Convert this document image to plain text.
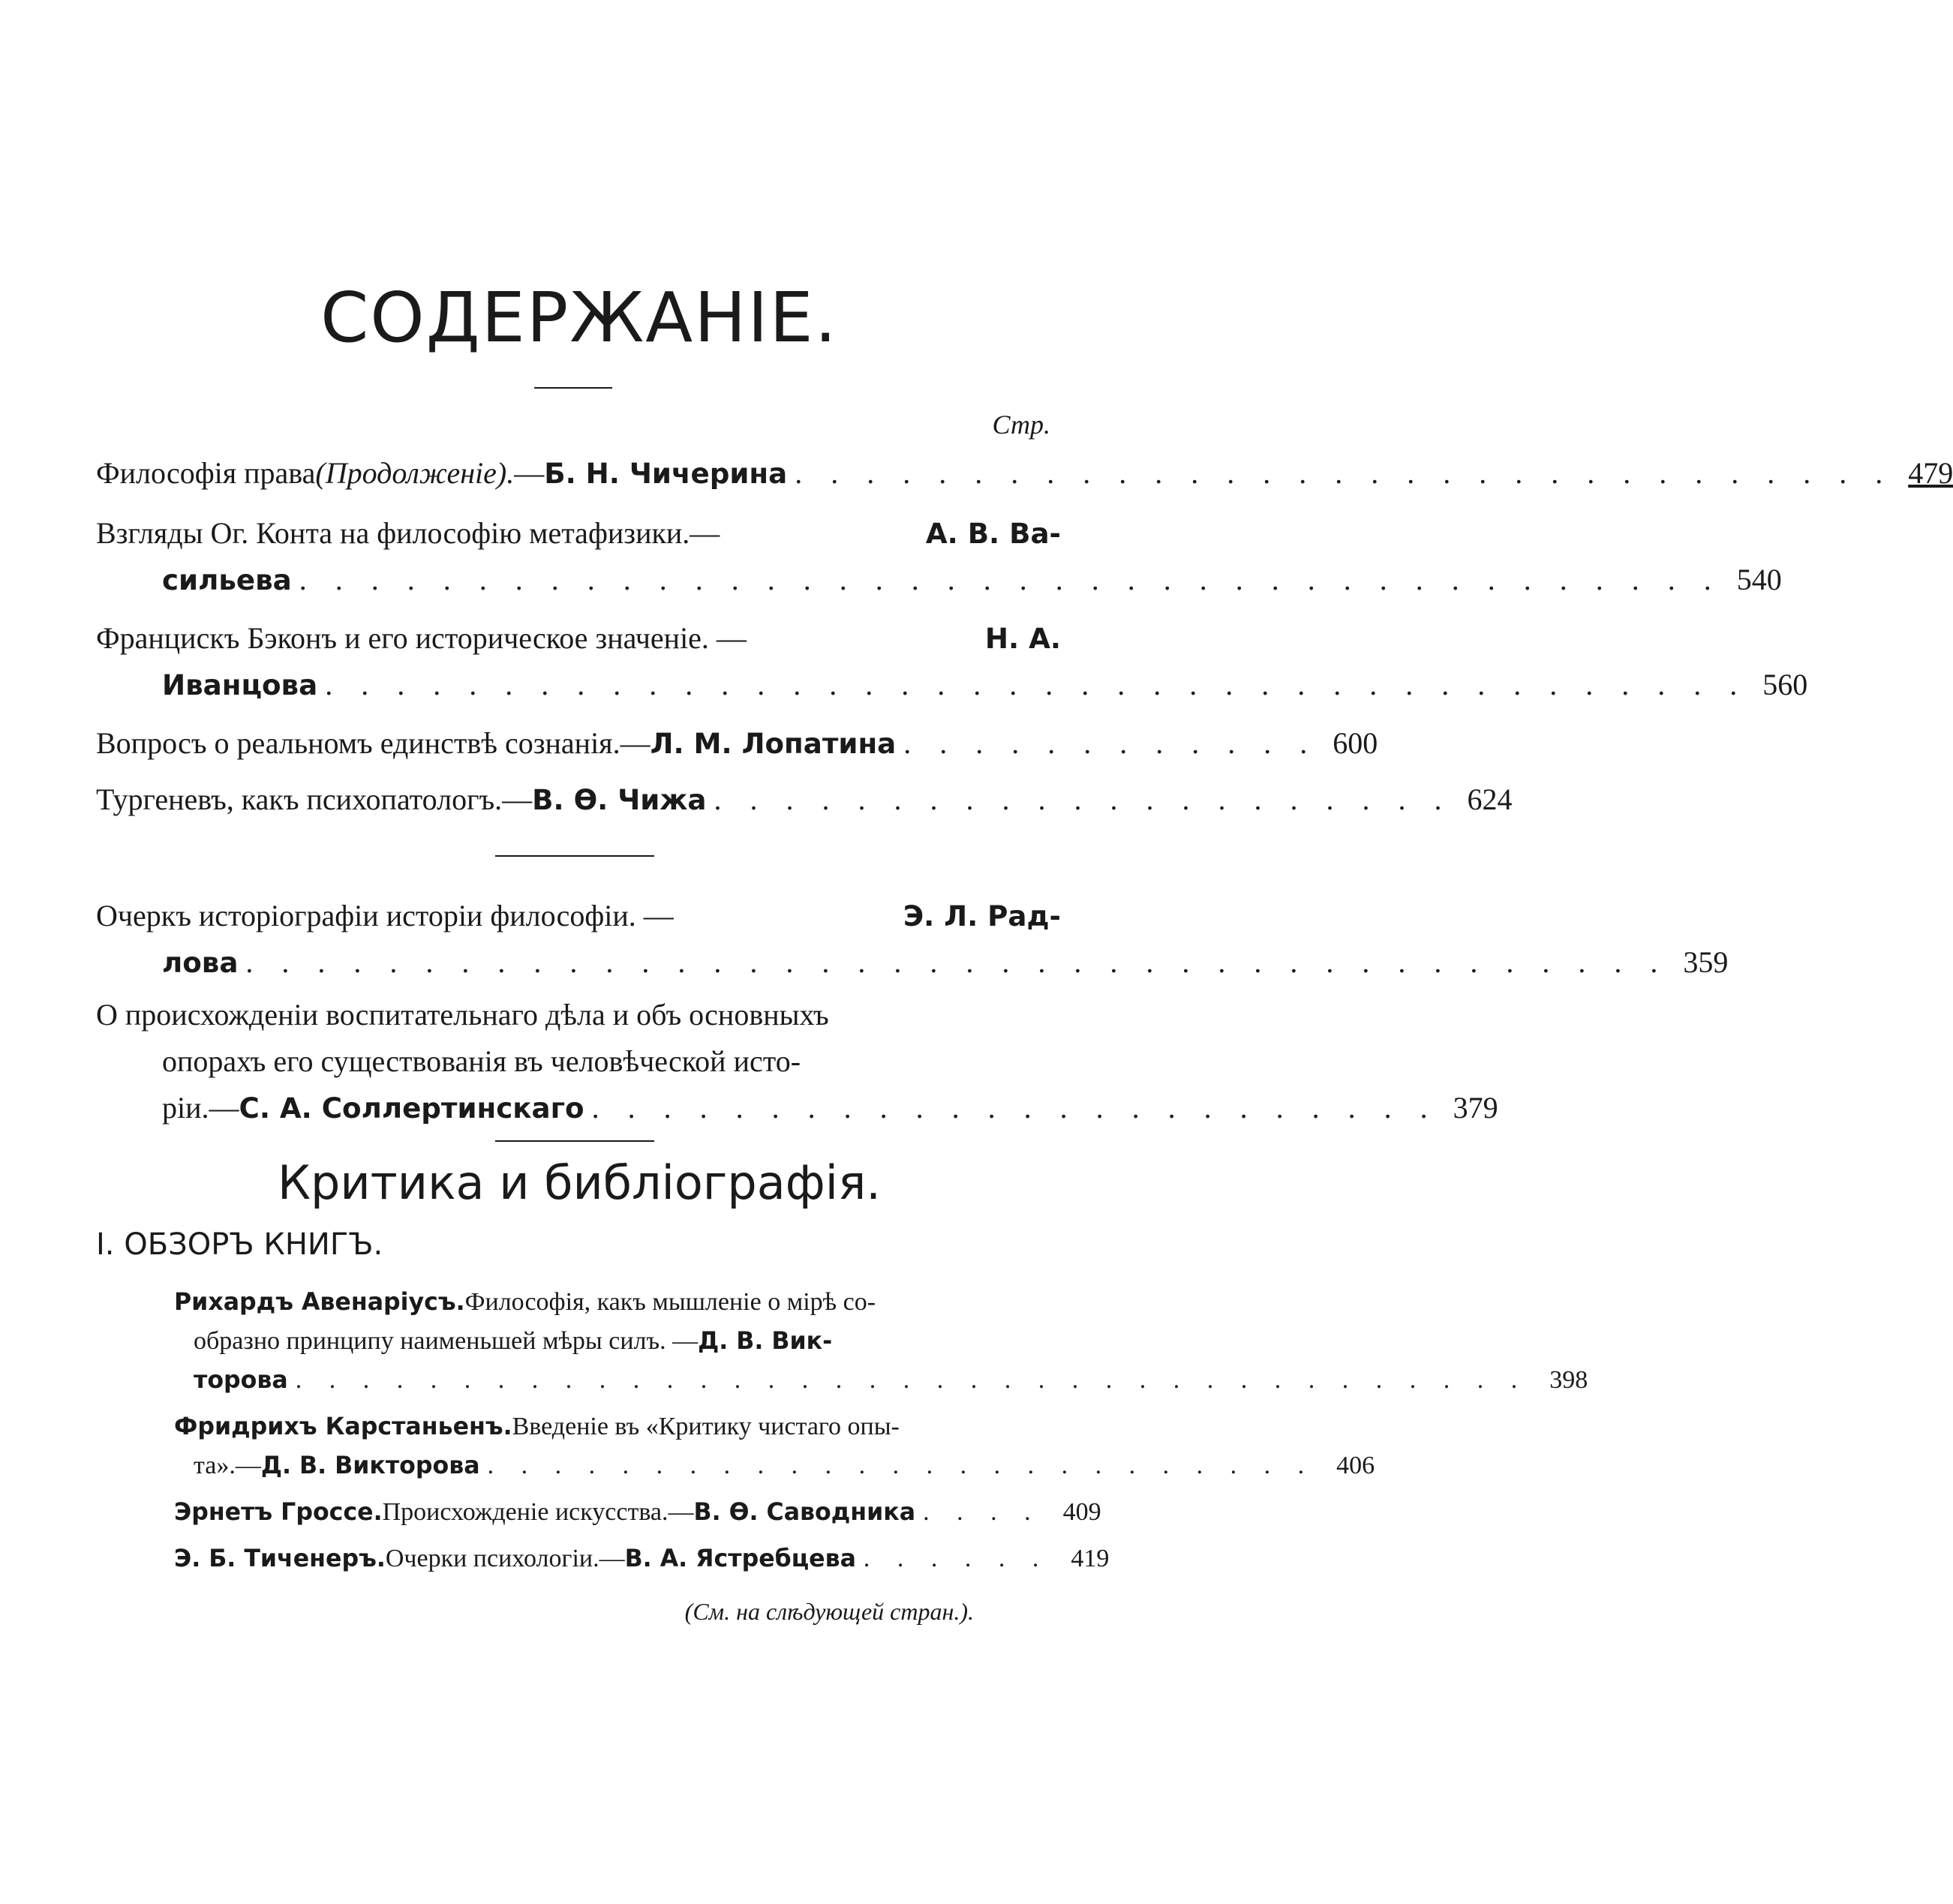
СОДЕРЖАНІЕ.
Стр.
Философія права (Продолженіе). — Б. Н. Чичерина . . . . . . . . . . . . . . . . . . . . . . . . . . . . . . . 479
Взгляды Ог. Конта на философію метафизики.—	А. В. Ва-
сильева . . . . . . . . . . . . . . . . . . . . . . . . . . . . . . . . . . . . . . . . 540
Францискъ Бэконъ и его историческое значеніе. —	Н. А.
Иванцова . . . . . . . . . . . . . . . . . . . . . . . . . . . . . . . . . . . . . . . . 560
Вопросъ о реальномъ единствѣ сознанія.— Л. М. Лопатина . . . . . . . . . . . . 600
Тургеневъ, какъ психопатологъ.— В. Ѳ. Чижа . . . . . . . . . . . . . . . . . . . . . 624
Очеркъ исторіографіи исторіи философіи. —	Э. Л. Рад-
лова . . . . . . . . . . . . . . . . . . . . . . . . . . . . . . . . . . . . . . . . 359
О происхожденіи воспитательнаго дѣла и объ основныхъ
опорахъ его существованія въ человѣческой исто-
ріи.— С. А. Соллертинскаго . . . . . . . . . . . . . . . . . . . . . . . . 379
Критика и библіографія.
I. ОБЗОРЪ КНИГЪ.
Рихардъ Авенаріусъ. Философія, какъ мышленіе о мірѣ со-
образно принципу наименьшей мѣры силъ. — Д. В. Вик-
торова . . . . . . . . . . . . . . . . . . . . . . . . . . . . . . . . . . . . . 398
Фридрихъ Карстаньенъ. Введеніе въ «Критику чистаго опы-
та».— Д. В. Викторова . . . . . . . . . . . . . . . . . . . . . . . . . 406
Эрнетъ Гроссе. Происхожденіе искусства.— В. Ѳ. Саводника . . . . 409
Э. Б. Тиченеръ. Очерки психологіи.— В. А. Ястребцева . . . . . . 419
(См. на слѣдующей стран.).
